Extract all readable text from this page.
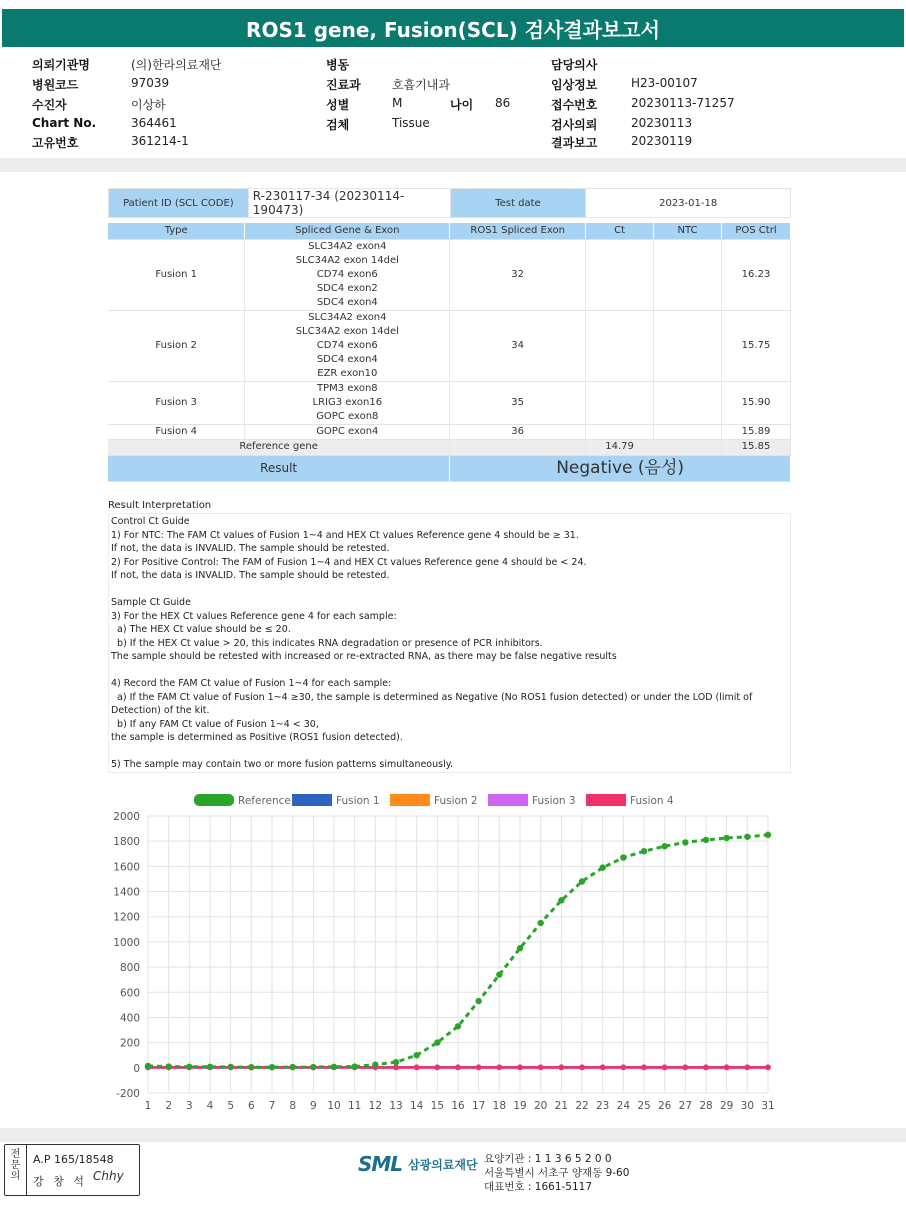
ROS1 gene, Fusion(SCL) 검사결과보고서
의뢰기관명	(의)한라의료재단
병원코드	97039
수진자	이상하
Chart No.	364461
고유번호	361214-1
병동
진료과	호흡기내과
성별	M
검체	Tissue
담당의사
임상정보	H23-00107
접수번호	20230113-71257
검사의뢰	20230113
결과보고	20230119
나이 86
Patient ID (SCL CODE)	R-230117-34 (20230114-190473)	Test date	2023-01-18
Type	Spliced Gene & Exon	ROS1 Spliced Exon	Ct	NTC	POS Ctrl
Fusion 1	SLC34A2 exon4
SLC34A2 exon 14del
CD74 exon6
SDC4 exon2
SDC4 exon4	32			16.23
Fusion 2	SLC34A2 exon4
SLC34A2 exon 14del
CD74 exon6
SDC4 exon4
EZR exon10	34			15.75
Fusion 3	TPM3 exon8
LRIG3 exon16
GOPC exon8	35			15.90
Fusion 4	GOPC exon4	36			15.89
Reference gene			14.79		15.85
Result		Negative (음성)			
Result Interpretation

Control Ct Guide

1) For NTC: The FAM Ct values of Fusion 1~4 and HEX Ct values Reference gene 4 should be ≥ 31.

If not, the data is INVALID. The sample should be retested.

2) For Positive Control: The FAM of Fusion 1~4 and HEX Ct values Reference gene 4 should be < 24.

If not, the data is INVALID. The sample should be retested.

Sample Ct Guide

3) For the HEX Ct values Reference gene 4 for each sample:

a) The HEX Ct value should be ≤ 20.

b) If the HEX Ct value > 20, this indicates RNA degradation or presence of PCR inhibitors.

The sample should be retested with increased or re-extracted RNA, as there may be false negative results

4) Record the FAM Ct value of Fusion 1~4 for each sample:

a) If the FAM Ct value of Fusion 1~4 ≥30, the sample is determined as Negative (No ROS1 fusion detected) or under the LOD (limit of Detection) of the kit.

b) If any FAM Ct value of Fusion 1~4 < 30,

the sample is determined as Positive (ROS1 fusion detected).

5) The sample may contain two or more fusion patterns simultaneously.

1 2 3 4 5 6 7 8 9 10 11 12 13 14 15 16 17 18 19 20 21 22 23 24 25 26 27 28 29 30 31
-200
0
200
400
600
800
1000
1200
1400
1600
1800
2000
Reference	Fusion 1	Fusion 2	Fusion 3	Fusion 4
전
문
의
A.P 165/18548
강 창 석 Chhy	SML 삼광의료재단 요양기관 : 1 1 3 6 5 2 0 0
서울특별시 서초구 양재동 9-60
대표번호 : 1661-5117
